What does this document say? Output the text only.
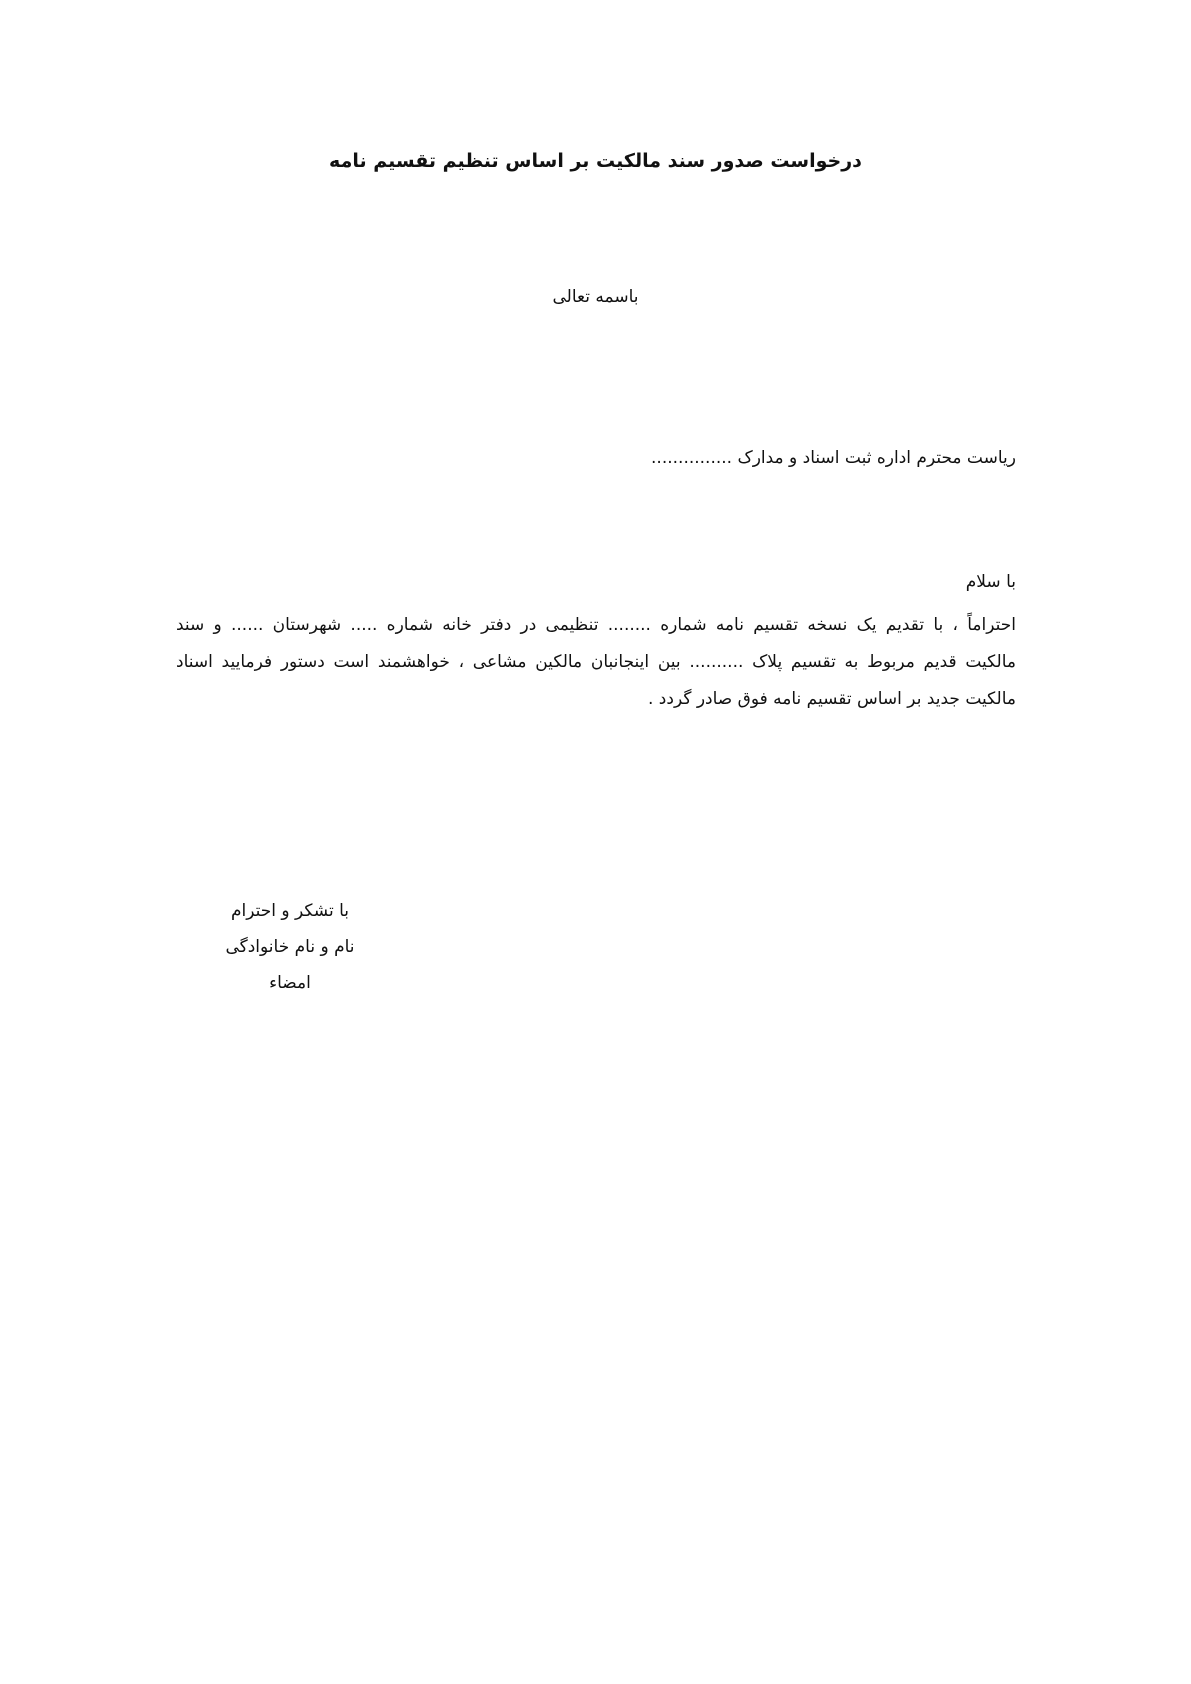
درخواست صدور سند مالکیت بر اساس تنظیم تقسیم نامه
باسمه تعالی
ریاست محترم اداره ثبت اسناد و مدارک ...............
با سلام
احتراماً ، با تقدیم یک نسخه تقسیم نامه شماره ........ تنظیمی در دفتر خانه شماره ..... شهرستان ...... و سند
مالکیت قدیم مربوط به تقسیم پلاک .......... بین اینجانبان مالکین مشاعی ، خواهشمند است دستور فرمایید اسناد
مالکیت جدید بر اساس تقسیم نامه فوق صادر گردد .
با تشکر و احترام
نام و نام خانوادگی
امضاء
